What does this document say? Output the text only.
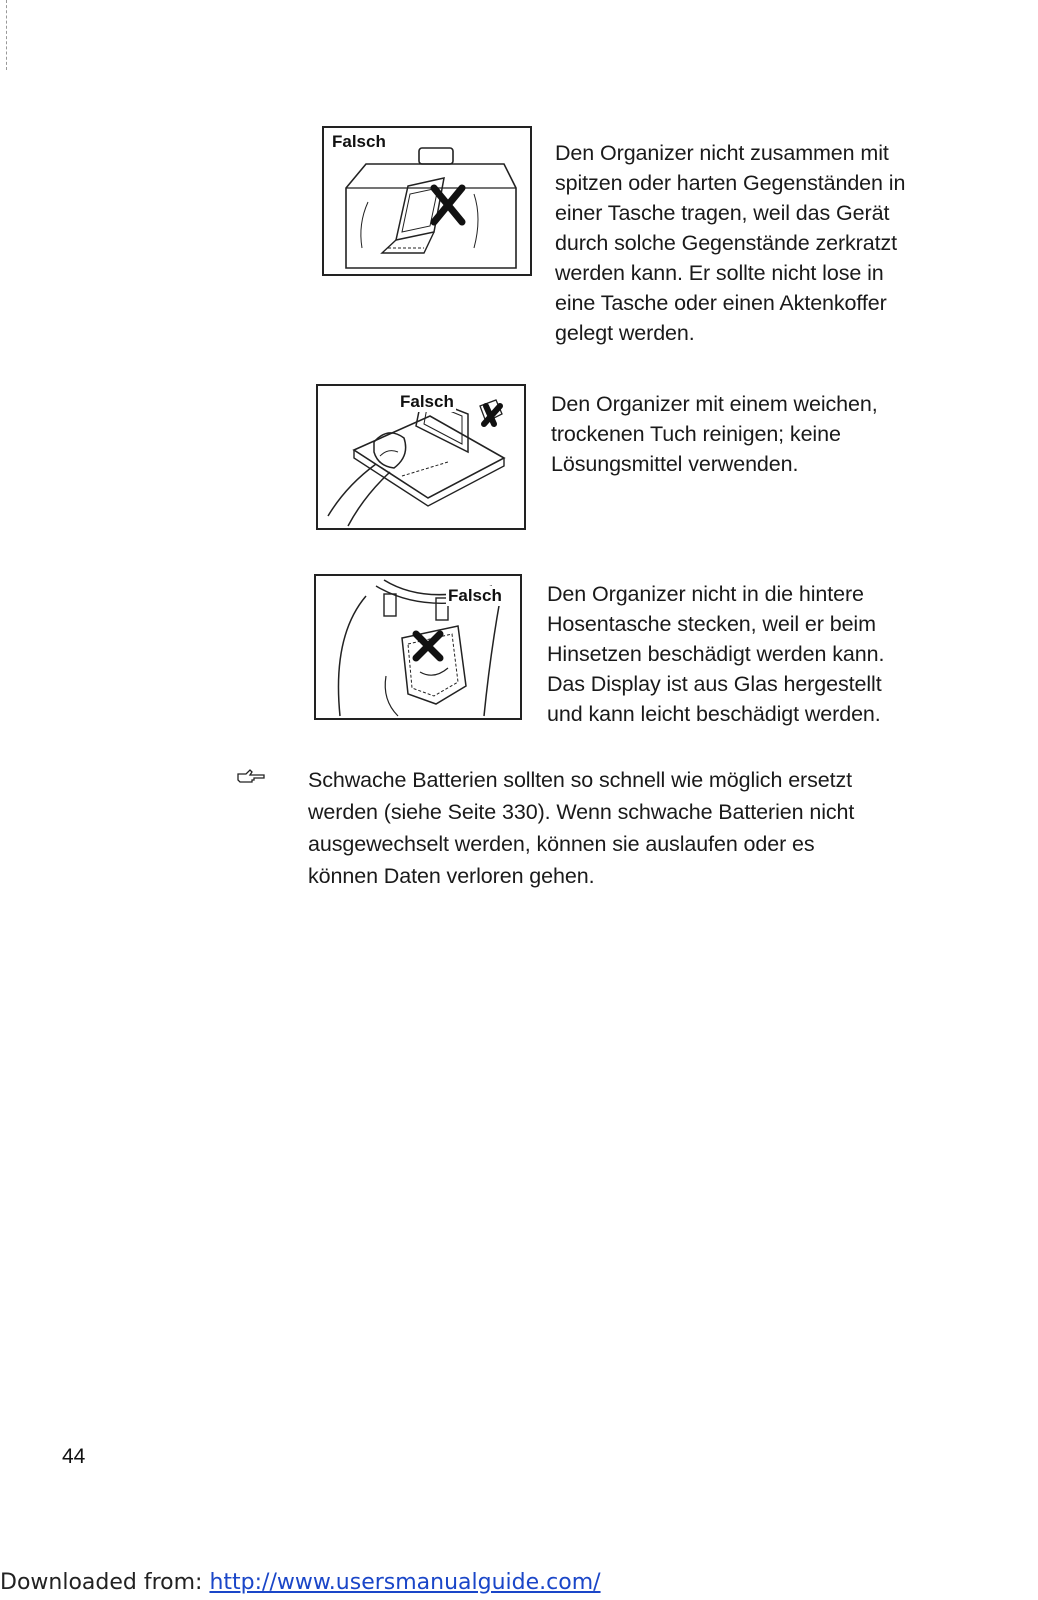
Falsch	Den Organizer nicht zusammen mit
spitzen oder harten Gegenständen in
einer Tasche tragen, weil das Gerät
durch solche Gegenstände zerkratzt
werden kann. Er sollte nicht lose in
eine Tasche oder einen Aktenkoffer
gelegt werden.
Falsch	Den Organizer mit einem weichen,
trockenen Tuch reinigen; keine
Lösungsmittel verwenden.
Falsch Den Organizer nicht in die hintere
Hosentasche stecken, weil er beim
Hinsetzen beschädigt werden kann.
Das Display ist aus Glas hergestellt
und kann leicht beschädigt werden.
Schwache Batterien sollten so schnell wie möglich ersetzt
werden (siehe Seite 330). Wenn schwache Batterien nicht
ausgewechselt werden, können sie auslaufen oder es
können Daten verloren gehen.
44
Downloaded from: http://www.usersmanualguide.com/
